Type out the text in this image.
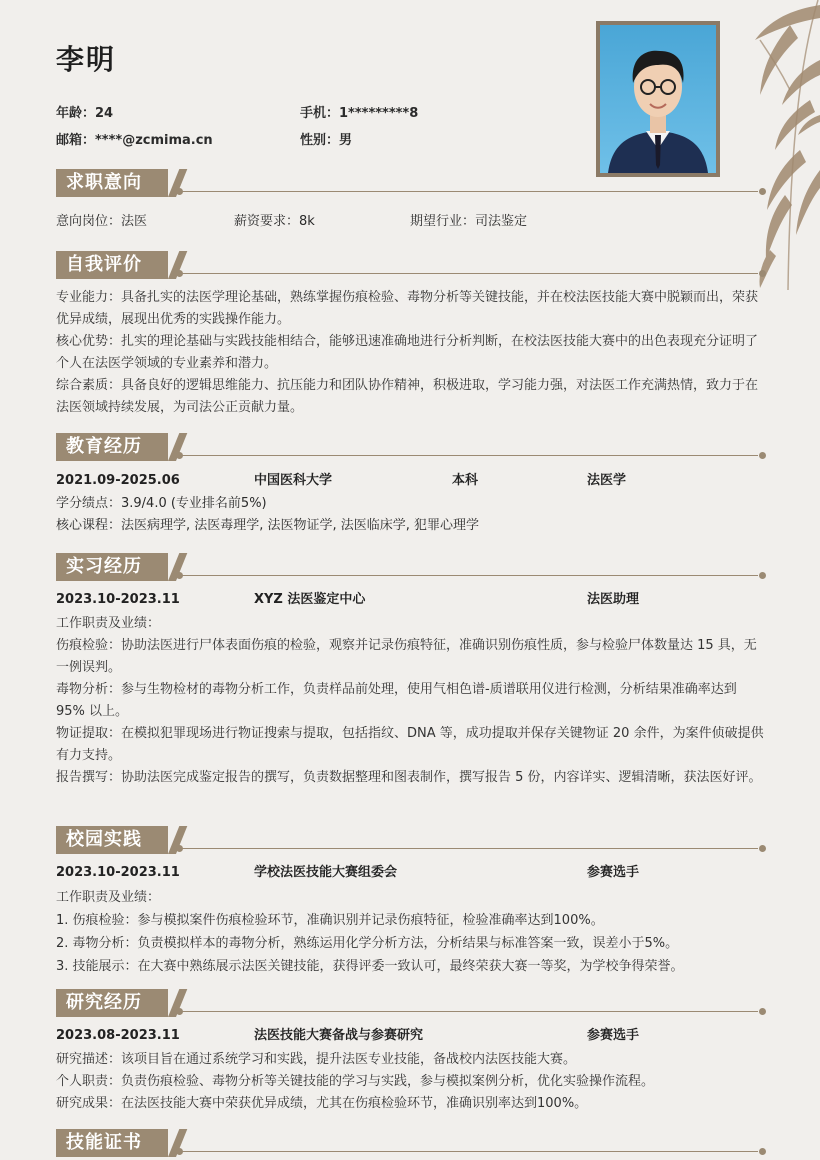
李明
年龄：24	手机：1*********8
邮箱：****@zcmima.cn	性别：男
求职意向
意向岗位：法医	薪资要求：8k	期望行业：司法鉴定
自我评价
专业能力：具备扎实的法医学理论基础，熟练掌握伤痕检验、毒物分析等关键技能，并在校法医技能大赛中脱颖而出，荣获优异成绩，展现出优秀的实践操作能力。
核心优势：扎实的理论基础与实践技能相结合，能够迅速准确地进行分析判断，在校法医技能大赛中的出色表现充分证明了个人在法医学领域的专业素养和潜力。
综合素质：具备良好的逻辑思维能力、抗压能力和团队协作精神，积极进取，学习能力强，对法医工作充满热情，致力于在法医领域持续发展，为司法公正贡献力量。
教育经历
2021.09-2025.06	中国医科大学	本科	法医学
学分绩点：3.9/4.0 (专业排名前5%)
核心课程：法医病理学, 法医毒理学, 法医物证学, 法医临床学, 犯罪心理学
实习经历
2023.10-2023.11	XYZ 法医鉴定中心	法医助理
工作职责及业绩：
伤痕检验：协助法医进行尸体表面伤痕的检验，观察并记录伤痕特征，准确识别伤痕性质，参与检验尸体数量达 15 具，无一例误判。
毒物分析：参与生物检材的毒物分析工作，负责样品前处理，使用气相色谱-质谱联用仪进行检测，分析结果准确率达到 95% 以上。
物证提取：在模拟犯罪现场进行物证搜索与提取，包括指纹、DNA 等，成功提取并保存关键物证 20 余件，为案件侦破提供有力支持。
报告撰写：协助法医完成鉴定报告的撰写，负责数据整理和图表制作，撰写报告 5 份，内容详实、逻辑清晰，获法医好评。
校园实践
2023.10-2023.11	学校法医技能大赛组委会	参赛选手
工作职责及业绩：
1. 伤痕检验：参与模拟案件伤痕检验环节，准确识别并记录伤痕特征，检验准确率达到100%。
2. 毒物分析：负责模拟样本的毒物分析，熟练运用化学分析方法，分析结果与标准答案一致，误差小于5%。
3. 技能展示：在大赛中熟练展示法医关键技能，获得评委一致认可，最终荣获大赛一等奖，为学校争得荣誉。
研究经历
2023.08-2023.11	法医技能大赛备战与参赛研究	参赛选手
研究描述：该项目旨在通过系统学习和实践，提升法医专业技能，备战校内法医技能大赛。
个人职责：负责伤痕检验、毒物分析等关键技能的学习与实践，参与模拟案例分析，优化实验操作流程。
研究成果：在法医技能大赛中荣获优异成绩，尤其在伤痕检验环节，准确识别率达到100%。
技能证书
